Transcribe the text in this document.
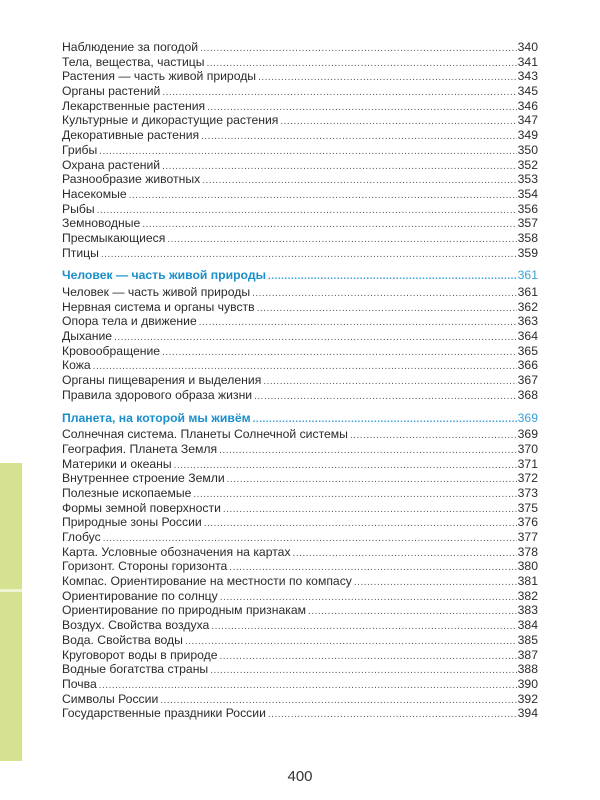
Наблюдение за погодой .....	340
Тела, вещества, частицы .....	341
Растения — часть живой природы .....	343
Органы растений .....	345
Лекарственные растения .....	346
Культурные и дикорастущие растения .....	347
Декоративные растения .....	349
Грибы .....	350
Охрана растений .....	352
Разнообразие животных .....	353
Насекомые .....	354
Рыбы .....	356
Земноводные .....	357
Пресмыкающиеся .....	358
Птицы .....	359
Человек — часть живой природы .....	361
Человек — часть живой природы .....	361
Нервная система и органы чувств .....	362
Опора тела и движение .....	363
Дыхание .....	364
Кровообращение .....	365
Кожа .....	366
Органы пищеварения и выделения .....	367
Правила здорового образа жизни .....	368
Планета, на которой мы живём .....	369
Солнечная система. Планеты Солнечной системы .....	369
География. Планета Земля .....	370
Материки и океаны .....	371
Внутреннее строение Земли .....	372
Полезные ископаемые .....	373
Формы земной поверхности .....	375
Природные зоны России .....	376
Глобус .....	377
Карта. Условные обозначения на картах .....	378
Горизонт. Стороны горизонта .....	380
Компас. Ориентирование на местности по компасу .....	381
Ориентирование по солнцу .....	382
Ориентирование по природным признакам .....	383
Воздух. Свойства воздуха .....	384
Вода. Свойства воды .....	385
Круговорот воды в природе .....	387
Водные богатства страны .....	388
Почва .....	390
Символы России .....	392
Государственные праздники России .....	394
400
